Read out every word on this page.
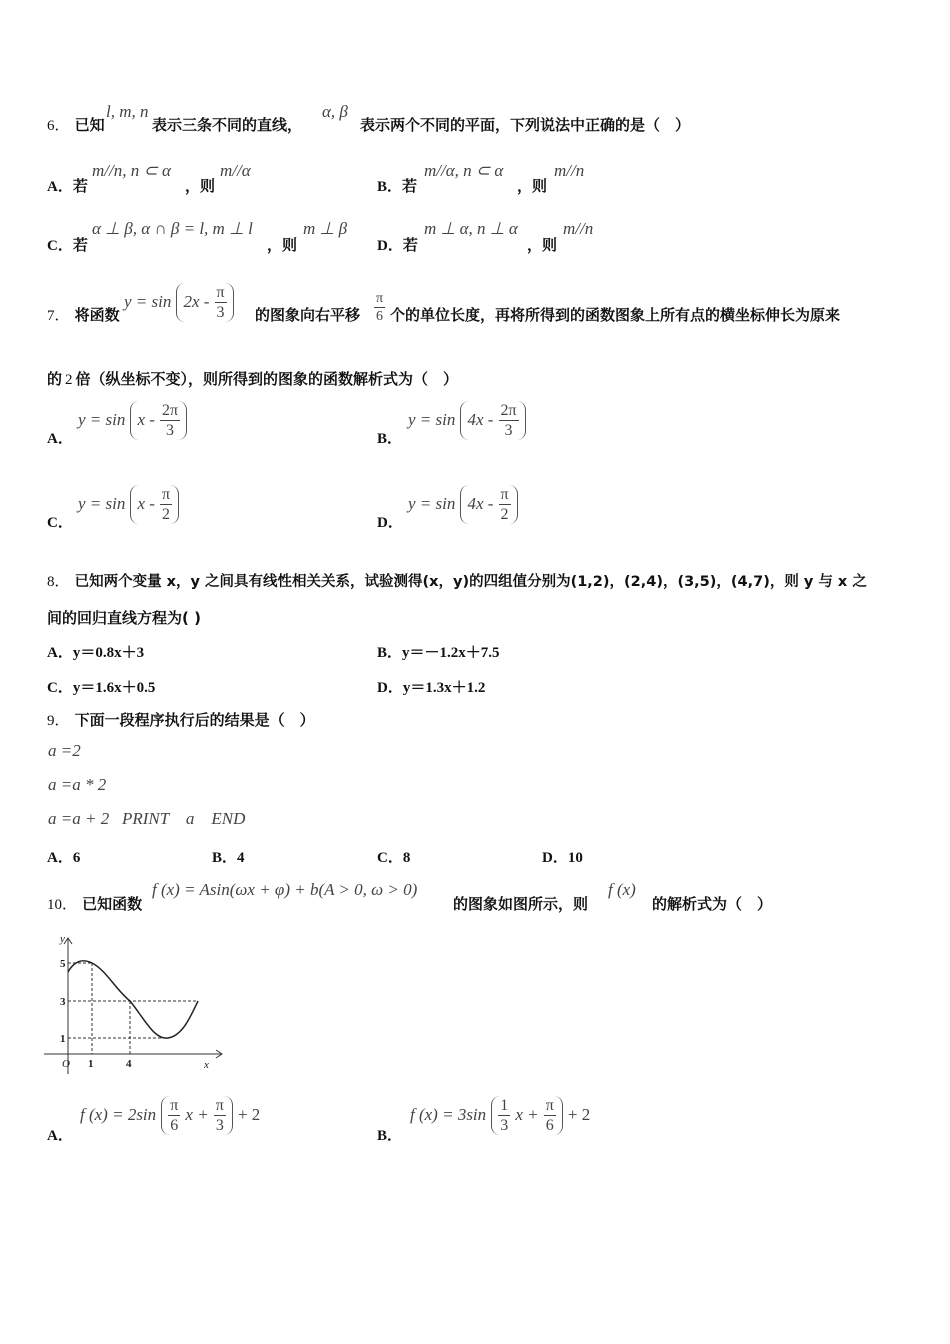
6． 已知
l, m, n
表示三条不同的直线，
α, β
表示两个不同的平面，下列说法中正确的是（　）
A．若
m//n, n ⊂ α
，则
m//α
B．若
m//α, n ⊂ α
，则
m//n
C．若
α ⊥ β, α ∩ β = l, m ⊥ l
，则
m ⊥ β
D．若
m ⊥ α, n ⊥ α
，则
m//n
7． 将函数
$y = \sin 2x - \frac{\pi}{3}$ 的图象向右平移 $\frac{\pi}{6}$ 个的单位长度，再将所得到的函数图象上所有点的横坐标伸长为原来
的 2 倍（纵坐标不变），则所得到的图象的函数解析式为（　）
A．
$y = \sin x - \frac{2\pi}{3}$	B．
$y = \sin 4x - \frac{2\pi}{3}$
C．
$y = \sin x - \frac{\pi}{2}$	D．
$y = \sin 4x - \frac{\pi}{2}$
8． 已知两个变量 x，y 之间具有线性相关关系，试验测得(x，y)的四组值分别为(1,2)，(2,4)，(3,5)，(4,7)，则 y 与 x 之
间的回归直线方程为( )
A．y＝0.8x＋3	B．y＝－1.2x＋7.5
C．y＝1.6x＋0.5	D．y＝1.3x＋1.2
9． 下面一段程序执行后的结果是（　）
a =2
a =a * 2
a =a + 2   PRINT    a    END
A．6	B．4	C．8	D．10
10． 已知函数
f (x) = Asin(ωx + φ) + b(A > 0, ω > 0)
的图象如图所示，则
f (x)
的解析式为（　）
y
x
O
5
3
1
1	4
A．
f $(x) = 2\sin \frac{\pi}{6}$ $x + \frac{\pi}{3} + 2$
B．
f $(x) = 3\sin \frac{1}{3}$ $x + \frac{\pi}{6} + 2$
